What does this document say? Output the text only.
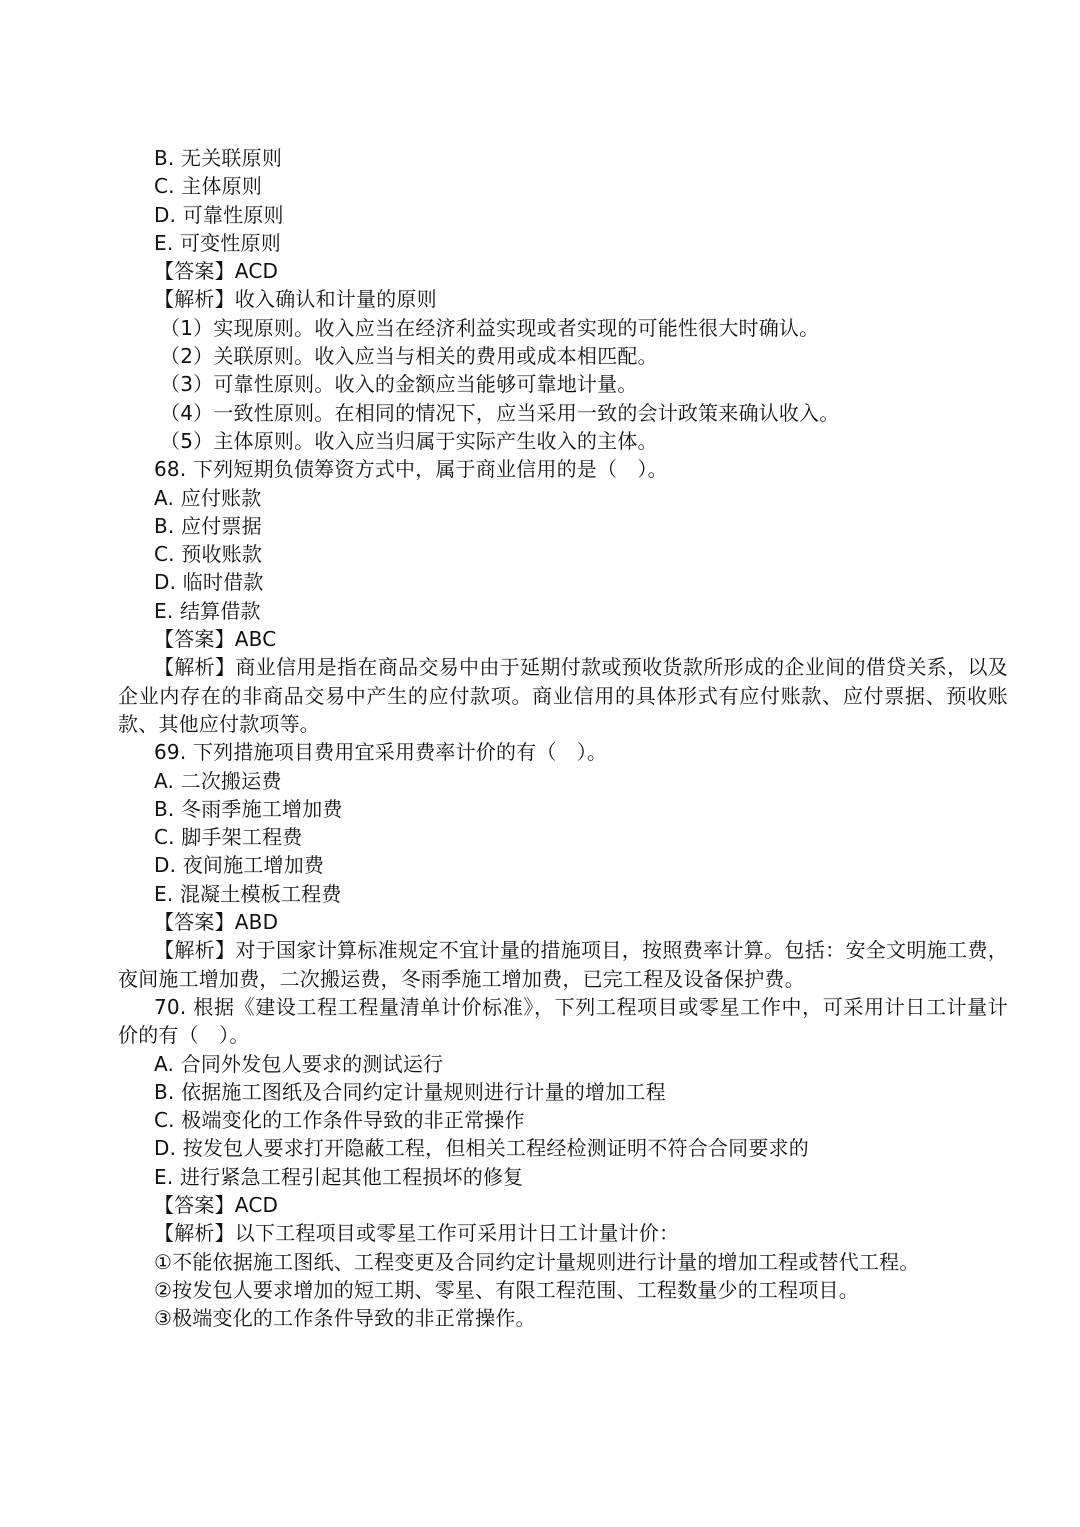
B. 无关联原则
C. 主体原则
D. 可靠性原则
E. 可变性原则
【答案】ACD
【解析】收入确认和计量的原则
（1）实现原则。收入应当在经济利益实现或者实现的可能性很大时确认。
（2）关联原则。收入应当与相关的费用或成本相匹配。
（3）可靠性原则。收入的金额应当能够可靠地计量。
（4）一致性原则。在相同的情况下，应当采用一致的会计政策来确认收入。
（5）主体原则。收入应当归属于实际产生收入的主体。
68. 下列短期负债筹资方式中，属于商业信用的是（　）。
A. 应付账款
B. 应付票据
C. 预收账款
D. 临时借款
E. 结算借款
【答案】ABC
【解析】商业信用是指在商品交易中由于延期付款或预收货款所形成的企业间的借贷关系，以及企业内存在的非商品交易中产生的应付款项。商业信用的具体形式有应付账款、应付票据、预收账款、其他应付款项等。
69. 下列措施项目费用宜采用费率计价的有（　）。
A. 二次搬运费
B. 冬雨季施工增加费
C. 脚手架工程费
D. 夜间施工增加费
E. 混凝土模板工程费
【答案】ABD
【解析】对于国家计算标准规定不宜计量的措施项目，按照费率计算。包括：安全文明施工费，夜间施工增加费，二次搬运费，冬雨季施工增加费，已完工程及设备保护费。
70. 根据《建设工程工程量清单计价标准》，下列工程项目或零星工作中，可采用计日工计量计价的有（　）。
A. 合同外发包人要求的测试运行
B. 依据施工图纸及合同约定计量规则进行计量的增加工程
C. 极端变化的工作条件导致的非正常操作
D. 按发包人要求打开隐蔽工程，但相关工程经检测证明不符合合同要求的
E. 进行紧急工程引起其他工程损坏的修复
【答案】ACD
【解析】以下工程项目或零星工作可采用计日工计量计价：
①不能依据施工图纸、工程变更及合同约定计量规则进行计量的增加工程或替代工程。
②按发包人要求增加的短工期、零星、有限工程范围、工程数量少的工程项目。
③极端变化的工作条件导致的非正常操作。
